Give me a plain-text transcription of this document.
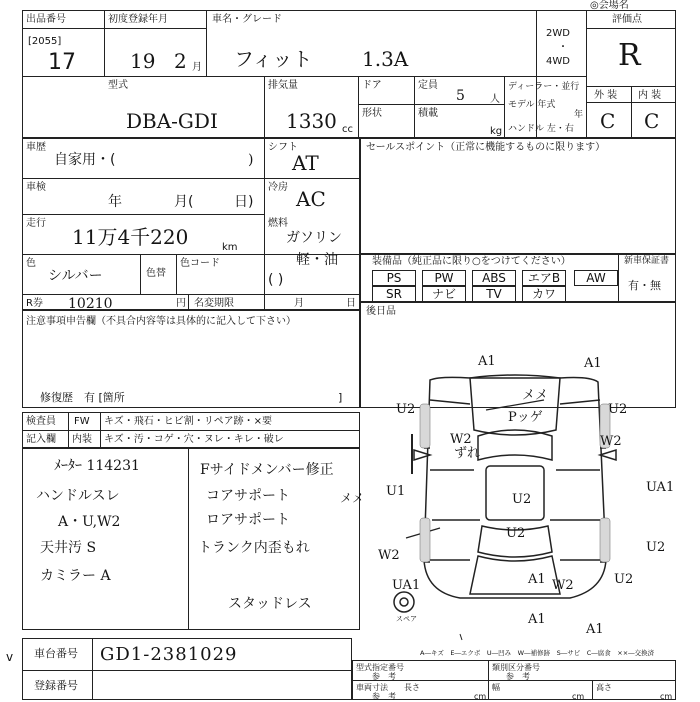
出品番号
[2055]
17
初度登録年月
19 2 月
車名・グレード
フィット 1.3A
◎会場名
2WD
・
4WD
評価点
R
型式
DBA-GDI
排気量
1330 cc
ドア
形状
定員
5	人
積載
kg
ディーラー・並行
モデル 年式
年
ハンドル 左・右
外 装 内 装
C C
車歴
自家用・(	)
シフト
AT
車検
年	月(	日)
冷房 AC
走行
11万4千220	km
燃料
ガソリン
軽・油
( )
色
シルバー	色替
色コード
R券 10210	円 名変期限	月	日
注意事項申告欄（不具合内容等は具体的に記入して下さい）
修復歴　有 [箇所	]
セールスポイント（正常に機能するものに限ります）
装備品（純正品に限り○をつけてください）	新車保証書
有・無
PS	PW	ABS	エアB	AW
SR	ナビ	TV	カワ
後日品
検査員
記入欄
FW キズ・飛石・ヒビ割・リペア跡・×要
内装 キズ・汚・コゲ・穴・ヌレ・キレ・破レ
ﾒｰﾀｰ 114231
ハンドルスレ
A・U,W2
天井汚 S
カミラー A
Fサイドメンバー修正
コアサポート
ロアサポート
トランク内歪もれ
スタッドレス
メメ
A1	A1
U2	U2
W2
メメ
Pッゲ
W2
ずれ
U1
U2
UA1
U2
W2
U2
U2
UA1	A1
A1
W2
A1
スペア
A―キズ　E―エクボ　U―凹み　W―補修跡　S―サビ　C―腐食　××―交換済
v 車台番号 GD1-2381029
登録番号
型式指定番号
参　考
類別区分番号
参　考
車両寸法
参　考
長さ
cm
幅
cm
高さ
cm
